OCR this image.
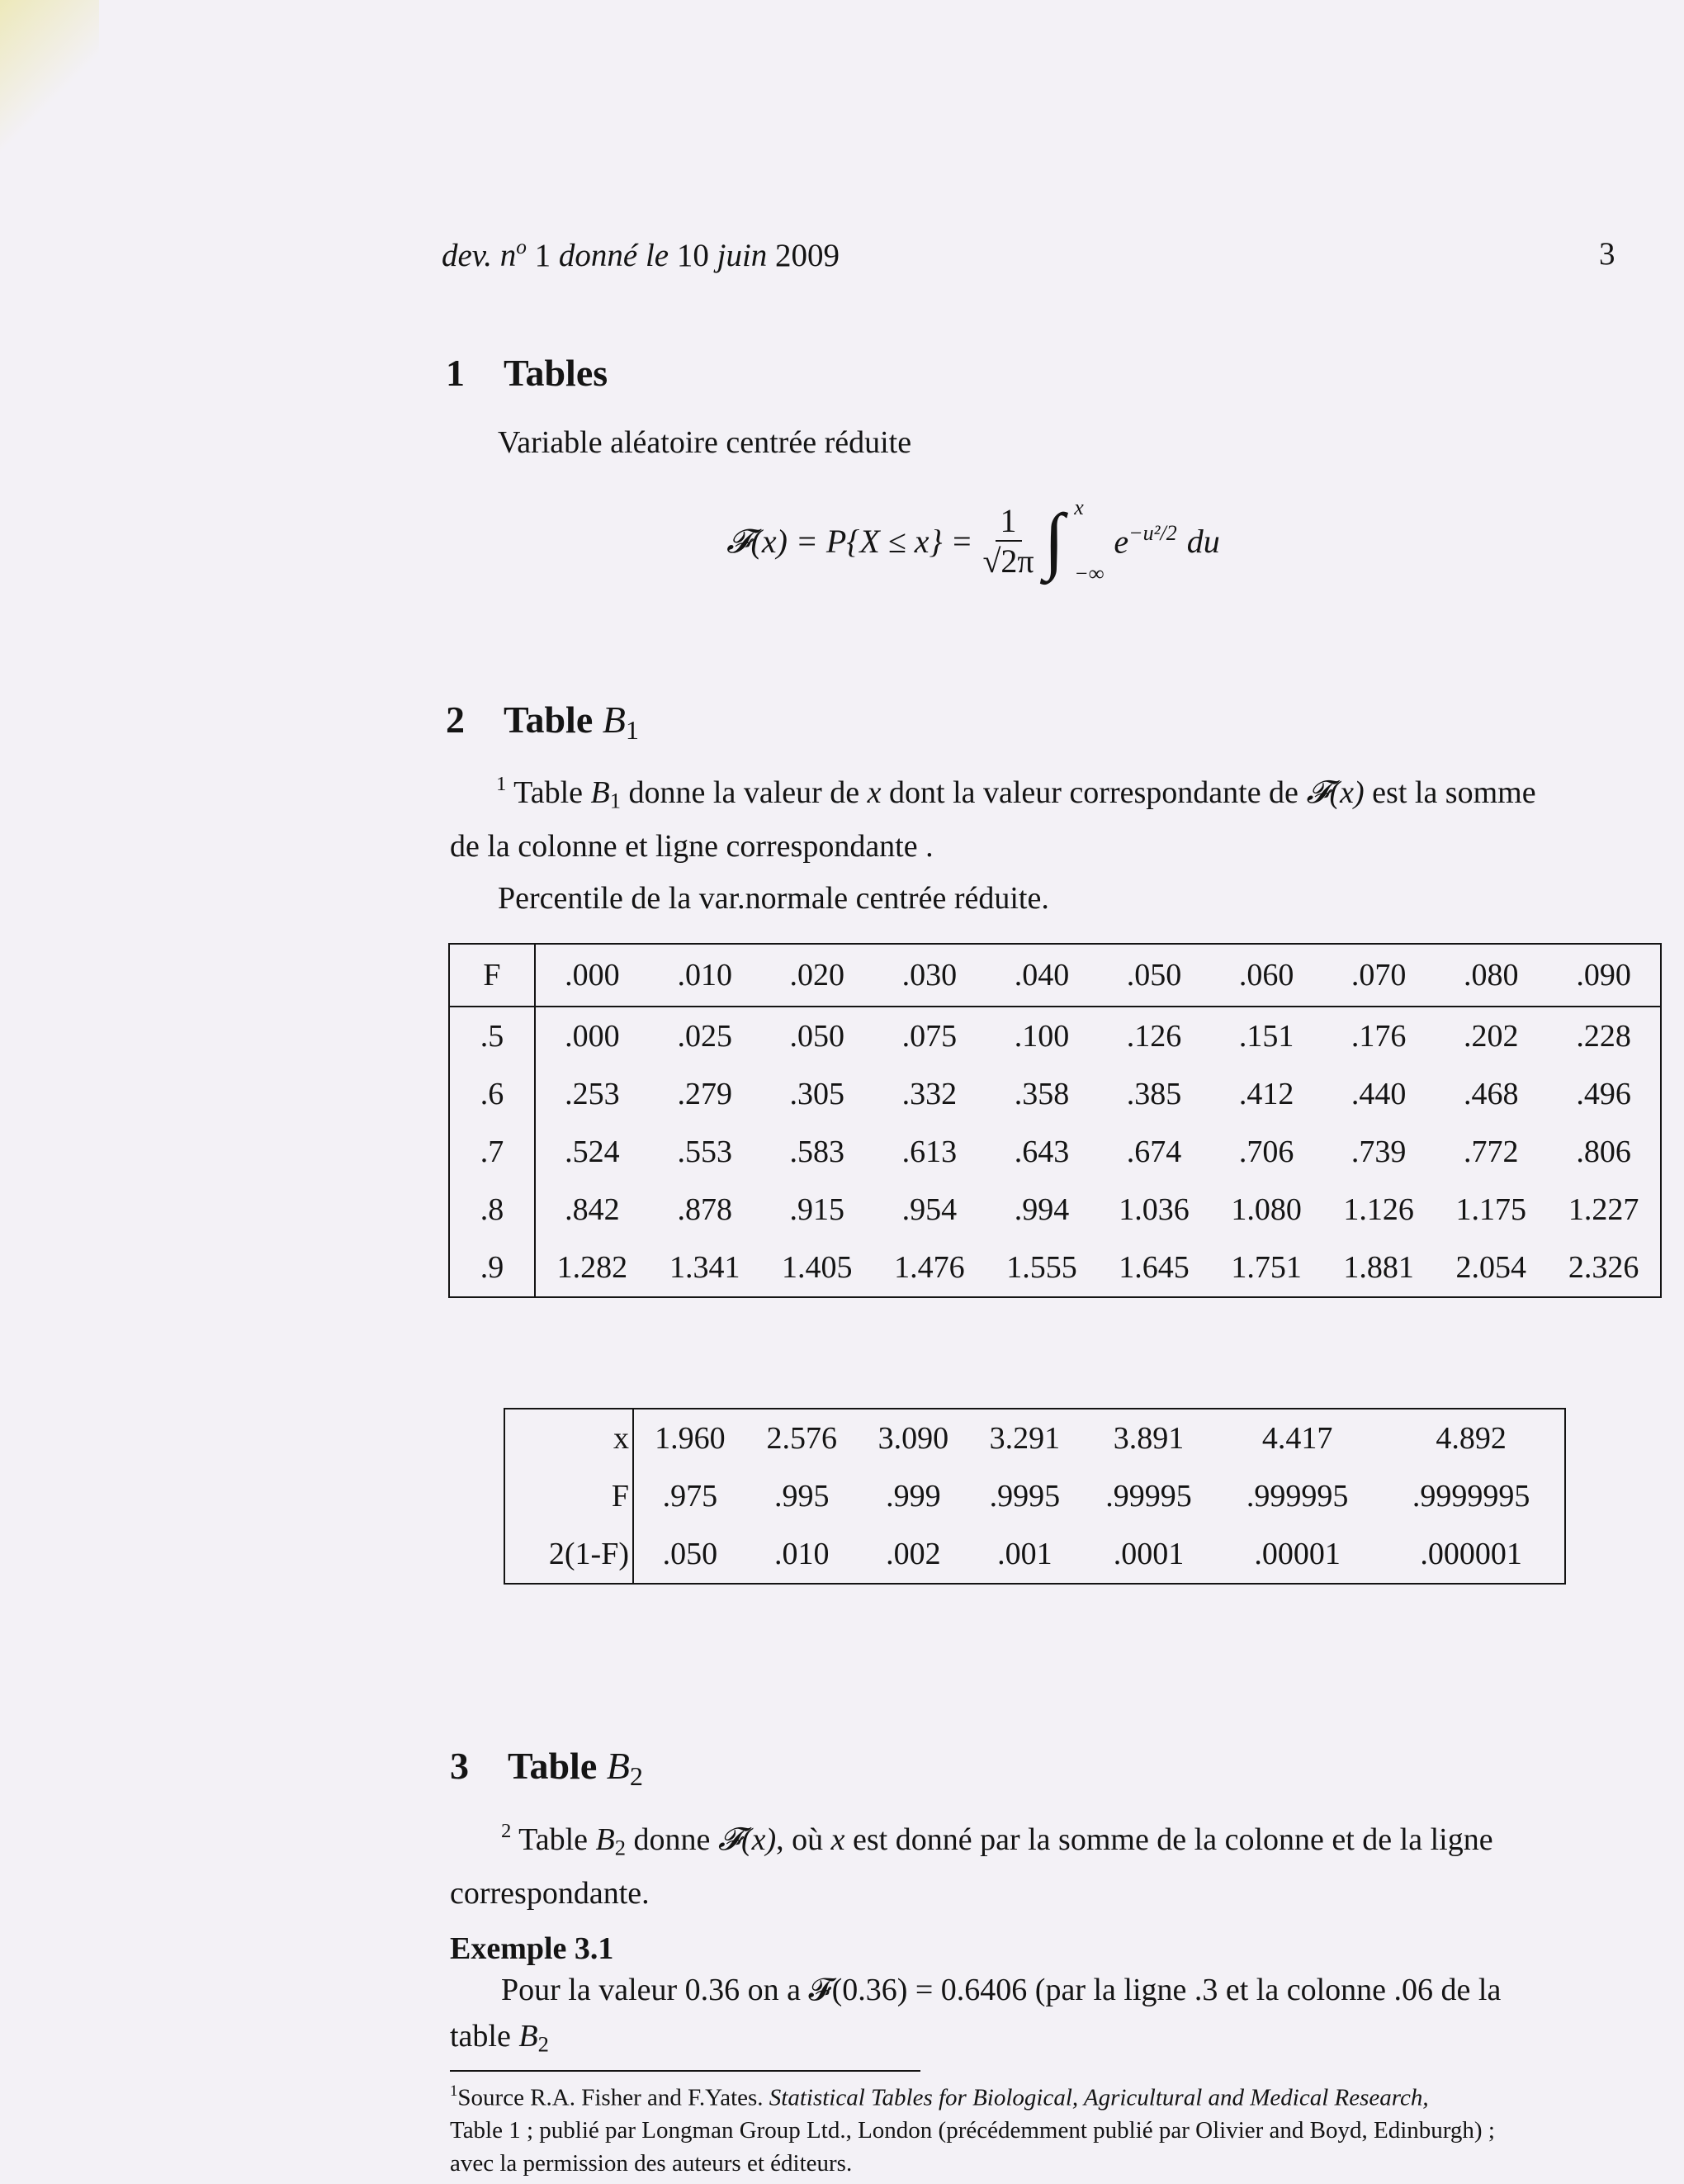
dev. $n^o$ 1 donné le 10 juin 2009	3
1 Tables
Variable aléatoire centrée réduite
𝓕(x) = $P\{X \le x\} = \frac{1}{√2\pi}$ ∫ x
−∞
$e^{-u^2/2}$ du
2 Table $B_1$
$^1$ Table $B_1$ donne la valeur de x dont la valeur correspondante de 𝓕(x) est la somme
de la colonne et ligne correspondante .
Percentile de la var.normale centrée réduite.
F	.000	.010	.020	.030	.040	.050	.060	.070	.080	.090
.5	.000	.025	.050	.075	.100	.126	.151	.176	.202	.228
.6	.253	.279	.305	.332	.358	.385	.412	.440	.468	.496
.7	.524	.553	.583	.613	.643	.674	.706	.739	.772	.806
.8	.842	.878	.915	.954	.994	1.036	1.080	1.126	1.175	1.227
.9	1.282	1.341	1.405	1.476	1.555	1.645	1.751	1.881	2.054	2.326
x	1.960	2.576	3.090	3.291	3.891	4.417	4.892
F	.975	.995	.999	.9995	.99995	.999995	.9999995
2(1-F)	.050	.010	.002	.001	.0001	.00001	.000001
3 Table $B_2$
$^2$ Table $B_2$ donne 𝓕(x), où x est donné par la somme de la colonne et de la ligne
correspondante.
Exemple 3.1
Pour la valeur 0.36 on a 𝓕(0.36) = 0.6406 (par la ligne .3 et la colonne .06 de la
table $B_2$
$^1$Source R.A. Fisher and F.Yates. Statistical Tables for Biological, Agricultural and Medical Research,
Table 1 ; publié par Longman Group Ltd., London (précédemment publié par Olivier and Boyd, Edinburgh) ;
avec la permission des auteurs et éditeurs.
